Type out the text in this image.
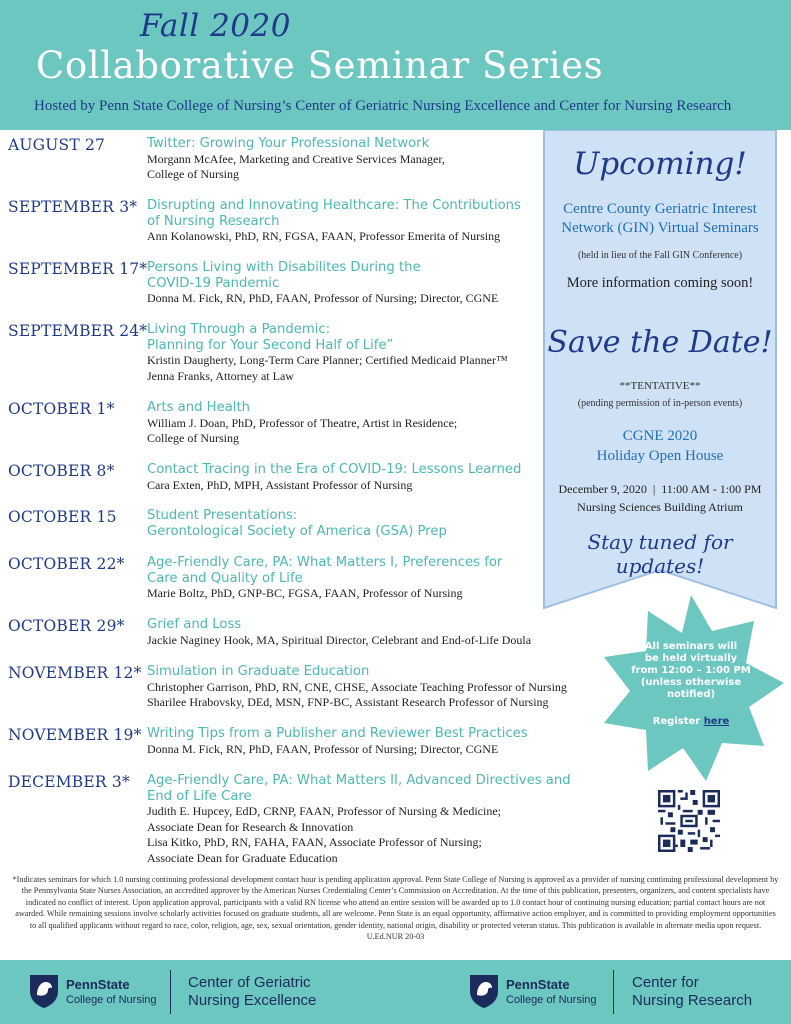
Fall 2020
Collaborative Seminar Series
Hosted by Penn State College of Nursing’s Center of Geriatric Nursing Excellence and Center for Nursing Research
AUGUST 27	Twitter: Growing Your Professional Network
Morgann McAfee, Marketing and Creative Services Manager,
College of Nursing
SEPTEMBER 3* Disrupting and Innovating Healthcare: The Contributions
of Nursing Research
Ann Kolanowski, PhD, RN, FGSA, FAAN, Professor Emerita of Nursing
SEPTEMBER 17* Persons Living with Disabilites During the
COVID-19 Pandemic
Donna M. Fick, RN, PhD, FAAN, Professor of Nursing; Director, CGNE
SEPTEMBER 24* Living Through a Pandemic:
Planning for Your Second Half of Life”
Kristin Daugherty, Long-Term Care Planner; Certified Medicaid Planner™
Jenna Franks, Attorney at Law
OCTOBER 1* Arts and Health
William J. Doan, PhD, Professor of Theatre, Artist in Residence;
College of Nursing
OCTOBER 8* Contact Tracing in the Era of COVID-19: Lessons Learned
Cara Exten, PhD, MPH, Assistant Professor of Nursing
OCTOBER 15 Student Presentations:
Gerontological Society of America (GSA) Prep
OCTOBER 22* Age-Friendly Care, PA: What Matters I, Preferences for
Care and Quality of Life
Marie Boltz, PhD, GNP-BC, FGSA, FAAN, Professor of Nursing
OCTOBER 29* Grief and Loss
Jackie Naginey Hook, MA, Spiritual Director, Celebrant and End-of-Life Doula
NOVEMBER 12* Simulation in Graduate Education
Christopher Garrison, PhD, RN, CNE, CHSE, Associate Teaching Professor of Nursing
Sharilee Hrabovsky, DEd, MSN, FNP-BC, Assistant Research Professor of Nursing
NOVEMBER 19* Writing Tips from a Publisher and Reviewer Best Practices
Donna M. Fick, RN, PhD, FAAN, Professor of Nursing; Director, CGNE
DECEMBER 3* Age-Friendly Care, PA: What Matters II, Advanced Directives and
End of Life Care
Judith E. Hupcey, EdD, CRNP, FAAN, Professor of Nursing & Medicine;
Associate Dean for Research & Innovation
Lisa Kitko, PhD, RN, FAHA, FAAN, Associate Professor of Nursing;
Associate Dean for Graduate Education
Upcoming!
Centre County Geriatric Interest
Network (GIN) Virtual Seminars
(held in lieu of the Fall GIN Conference)
More information coming soon!
Save the Date!
**TENTATIVE**
(pending permission of in-person events)
CGNE 2020
Holiday Open House
December 9, 2020  |  11:00 AM - 1:00 PM
Nursing Sciences Building Atrium
Stay tuned for updates!
All seminars will
be held virtually
from 12:00 – 1:00 PM
(unless otherwise
notified)
Register here
*Indicates seminars for which 1.0 nursing continuing professional development contact hour is pending application approval. Penn State College of Nursing is approved as a provider of nursing continuing professional development by the Pennsylvania State Nurses Association, an accredited approver by the American Nurses Credentialing Center’s Commission on Accreditation. At the time of this publication, presenters, organizers, and content specialists have indicated no conflict of interest. Upon application approval, participants with a valid RN license who attend an entire session will be awarded up to 1.0 contact hour of continuing nursing education; partial contact hours are not awarded. While remaining sessions involve scholarly activities focused on graduate students, all are welcome. Penn State is an equal opportunity, affirmative action employer, and is committed to providing employment opportunities to all qualified applicants without regard to race, color, religion, age, sex, sexual orientation, gender identity, national origin, disability or protected veteran status. This publication is available in alternate media upon request. U.Ed.NUR 20-03
PennState
College of Nursing
Center of Geriatric
Nursing Excellence
PennState
College of Nursing
Center for
Nursing Research
